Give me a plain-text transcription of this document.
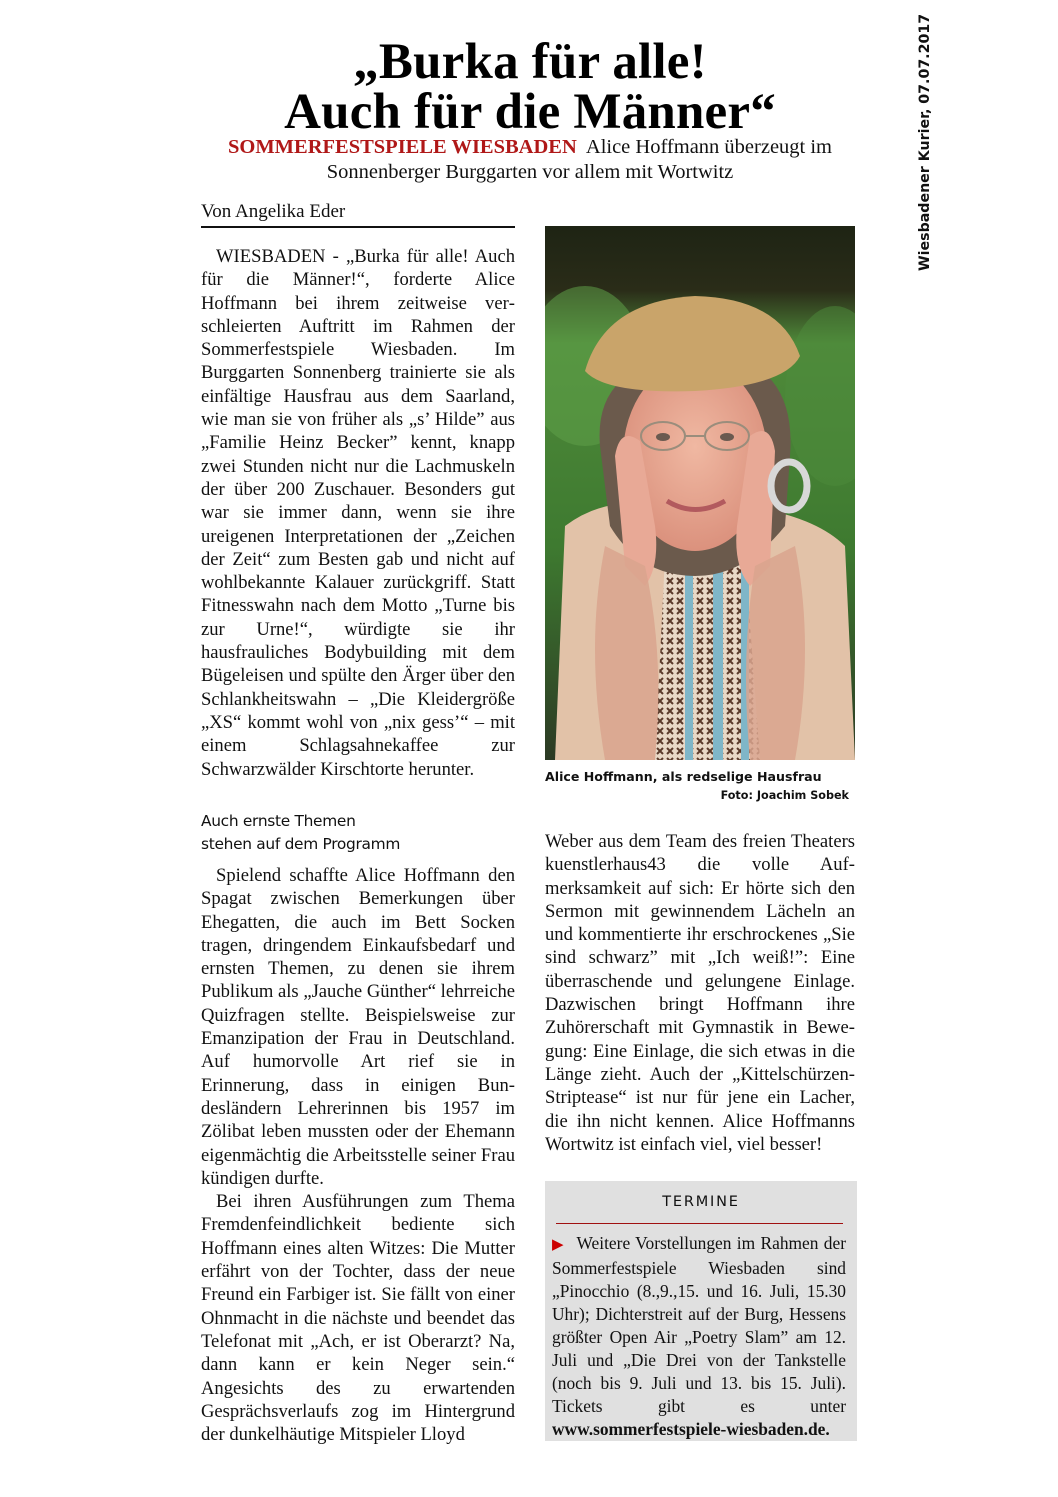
Wiesbadener Kurier, 07.07.2017
„Burka für alle!
Auch für die Männer“
SOMMERFESTSPIELE WIESBADEN Alice Hoffmann überzeugt im
Sonnenberger Burggarten vor allem mit Wortwitz
Von Angelika Eder

WIESBADEN - „Burka für alle! Auch für die Männer!“, forderte Alice Hoffmann bei ihrem zeitweise verschleierten Auftritt im Rahmen der Sommerfestspiele Wiesbaden. Im Burggarten Sonnenberg trainierte sie als einfältige Hausfrau aus dem Saarland, wie man sie von früher als „s’ Hilde” aus „Familie Heinz Becker” kennt, knapp zwei Stunden nicht nur die Lachmuskeln der über 200 Zuschauer. Besonders gut war sie immer dann, wenn sie ihre ureigenen Interpretationen der „Zeichen der Zeit“ zum Besten gab und nicht auf wohlbekannte Kalauer zurückgriff. Statt Fitnesswahn nach dem Motto „Turne bis zur Urne!“, würdigte sie ihr hausfrauliches Bodybuilding mit dem Bügeleisen und spülte den Ärger über den Schlankheitswahn – „Die Kleidergröße „XS“ kommt wohl von „nix gess’“ – mit einem Schlagsahnekaffee zur Schwarzwälder Kirschtorte herunter.

Auch ernste Themen
stehen auf dem Programm

Spielend schaffte Alice Hoffmann den Spagat zwischen Bemerkungen über Ehegatten, die auch im Bett Socken tragen, dringendem Einkaufsbedarf und ernsten Themen, zu denen sie ihrem Publikum als „Jauche Günther“ lehrreiche Quizfragen stellte. Beispielsweise zur Emanzipation der Frau in Deutschland. Auf humorvolle Art rief sie in Erinnerung, dass in einigen Bundesländern Lehrerinnen bis 1957 im Zölibat leben mussten oder der Ehemann eigenmächtig die Arbeitsstelle seiner Frau kündigen durfte.

Bei ihren Ausführungen zum Thema Fremdenfeindlichkeit bediente sich Hoffmann eines alten Witzes: Die Mutter erfährt von der Tochter, dass der neue Freund ein Farbiger ist. Sie fällt von einer Ohnmacht in die nächste und beendet das Telefonat mit „Ach, er ist Oberarzt? Na, dann kann er kein Neger sein.“ Angesichts des zu erwartenden Gesprächsverlaufs zog im Hintergrund der dunkelhäutige Mitspieler Lloyd

Alice Hoffmann, als redselige Hausfrau
Foto: Joachim Sobek

Weber aus dem Team des freien Theaters kuenstlerhaus43 die volle Aufmerksamkeit auf sich: Er hörte sich den Sermon mit gewinnendem Lächeln an und kommentierte ihr erschrockenes „Sie sind schwarz” mit „Ich weiß!”: Eine überraschende und gelungene Einlage. Dazwischen bringt Hoffmann ihre Zuhörerschaft mit Gymnastik in Bewegung: Eine Einlage, die sich etwas in die Länge zieht. Auch der „Kittelschürzen-Striptease“ ist nur für jene ein Lacher, die ihn nicht kennen. Alice Hoffmanns Wortwitz ist einfach viel, viel besser!

TERMINE
▶ Weitere Vorstellungen im Rahmen der Sommerfestspiele Wiesbaden sind „Pinocchio (8.,9.,15. und 16. Juli, 15.30 Uhr); Dichterstreit auf der Burg, Hessens größter Open Air „Poetry Slam” am 12. Juli und „Die Drei von der Tankstelle (noch bis 9. Juli und 13. bis 15. Juli). Tickets gibt es unter www.sommerfestspiele-wiesbaden.de.
